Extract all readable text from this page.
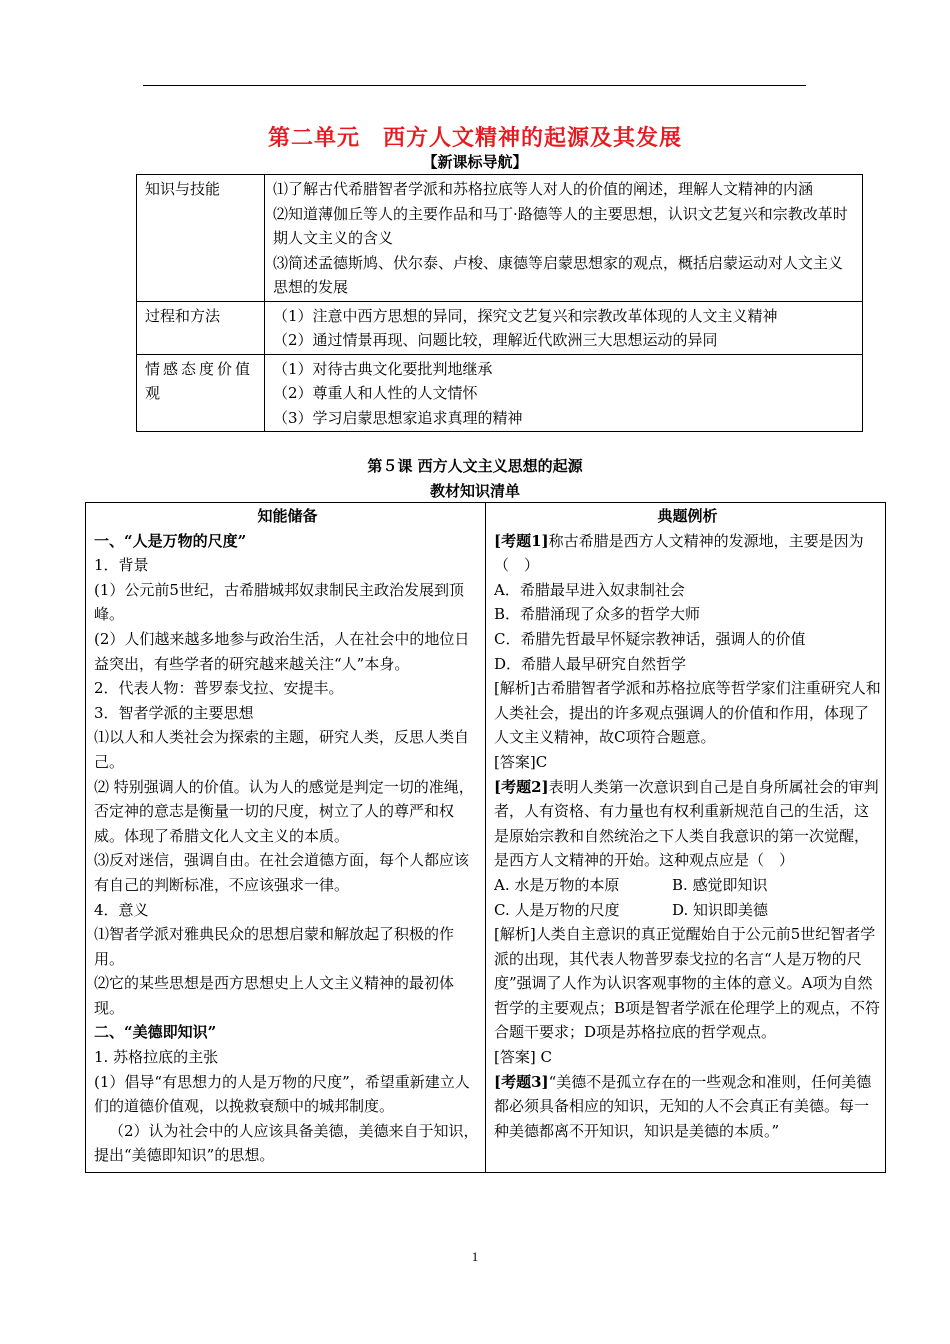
第二单元　西方人文精神的起源及其发展
【新课标导航】
知识与技能	⑴了解古代希腊智者学派和苏格拉底等人对人的价值的阐述，理解人文精神的内涵
⑵知道薄伽丘等人的主要作品和马丁·路德等人的主要思想，认识文艺复兴和宗教改革时期人文主义的含义
⑶简述孟德斯鸠、伏尔泰、卢梭、康德等启蒙思想家的观点，概括启蒙运动对人文主义思想的发展

过程和方法	（1）注意中西方思想的异同，探究文艺复兴和宗教改革体现的人文主义精神
（2）通过情景再现、问题比较，理解近代欧洲三大思想运动的异同

情感态度价值观	（1）对待古典文化要批判地继承
（2）尊重人和人性的人文情怀
（3）学习启蒙思想家追求真理的精神
第５课 西方人文主义思想的起源
教材知识清单
知能储备
一、“人是万物的尺度”
1．背景
(1）公元前5世纪，古希腊城邦奴隶制民主政治发展到顶峰。
(2）人们越来越多地参与政治生活，人在社会中的地位日益突出，有些学者的研究越来越关注“人”本身。
2．代表人物：普罗泰戈拉、安提丰。
3．智者学派的主要思想
⑴以人和人类社会为探索的主题，研究人类，反思人类自己。
⑵ 特别强调人的价值。认为人的感觉是判定一切的准绳，否定神的意志是衡量一切的尺度，树立了人的尊严和权威。体现了希腊文化人文主义的本质。
⑶反对迷信，强调自由。在社会道德方面，每个人都应该有自己的判断标准，不应该强求一律。
4．意义
⑴智者学派对雅典民众的思想启蒙和解放起了积极的作用。
⑵它的某些思想是西方思想史上人文主义精神的最初体现。
二、“美德即知识”
1. 苏格拉底的主张
(1）倡导“有思想力的人是万物的尺度”，希望重新建立人们的道德价值观，以挽救衰颓中的城邦制度。
（2）认为社会中的人应该具备美德，美德来自于知识，提出“美德即知识”的思想。

典题例析
[考题1]称古希腊是西方人文精神的发源地，主要是因为（　）
A．希腊最早进入奴隶制社会
B．希腊涌现了众多的哲学大师
C．希腊先哲最早怀疑宗教神话，强调人的价值
D．希腊人最早研究自然哲学
[解析]古希腊智者学派和苏格拉底等哲学家们注重研究人和人类社会，提出的许多观点强调人的价值和作用，体现了人文主义精神，故C项符合题意。
[答案]C
[考题2]表明人类第一次意识到自己是自身所属社会的审判者，人有资格、有力量也有权利重新规范自己的生活，这是原始宗教和自然统治之下人类自我意识的第一次觉醒，是西方人文精神的开始。这种观点应是（　）
A. 水是万物的本原	B. 感觉即知识
C. 人是万物的尺度	D. 知识即美德
[解析]人类自主意识的真正觉醒始自于公元前5世纪智者学派的出现，其代表人物普罗泰戈拉的名言“人是万物的尺度”强调了人作为认识客观事物的主体的意义。A项为自然哲学的主要观点；B项是智者学派在伦理学上的观点，不符合题干要求；D项是苏格拉底的哲学观点。
[答案] C
[考题3]“美德不是孤立存在的一些观念和准则，任何美德都必须具备相应的知识，无知的人不会真正有美德。每一种美德都离不开知识，知识是美德的本质。”
1
